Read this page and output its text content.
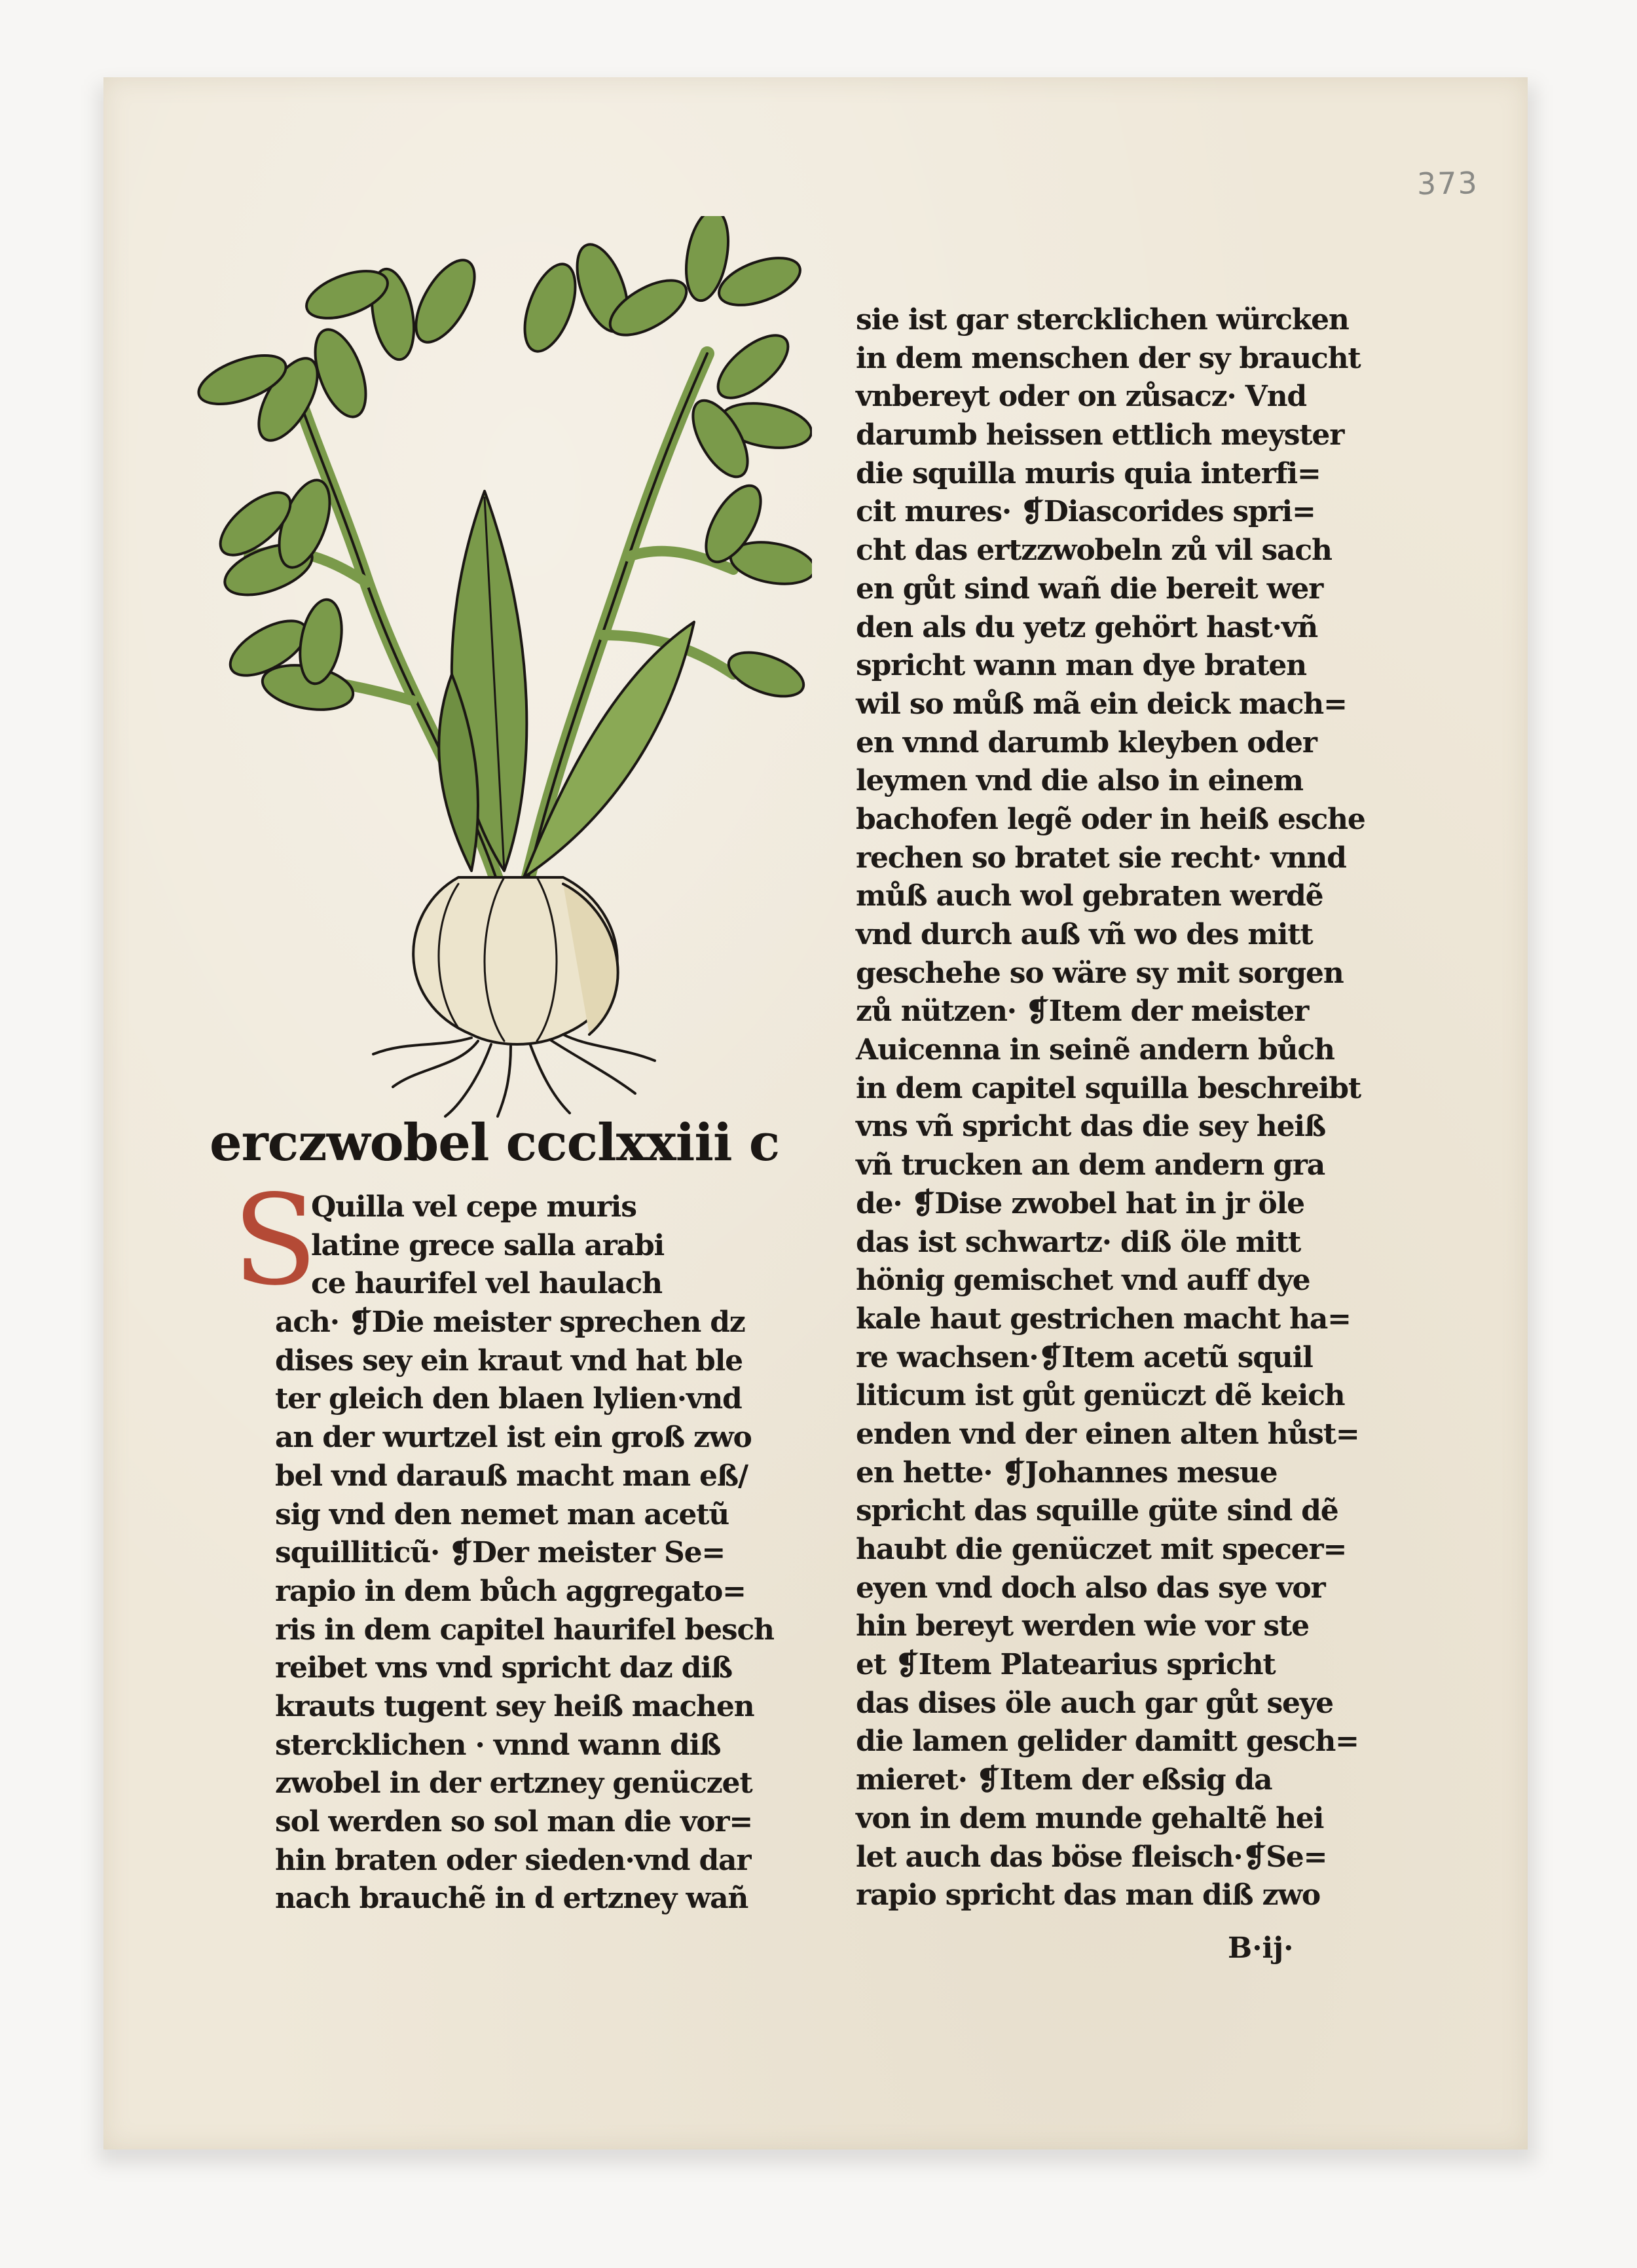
373
erczwobel ccclxxiii c
S
Quilla vel cepe muris
latine grece salla arabi
ce haurifel vel haulach
ach· ❡Die meister sprechen dz
dises sey ein kraut vnd hat ble
ter gleich den blaen lylien·vnd
an der wurtzel ist ein groß zwo
bel vnd darauß macht man eß/
sig vnd den nemet man acetũ
squilliticũ· ❡Der meister Se=
rapio in dem bůch aggregato=
ris in dem capitel haurifel besch
reibet vns vnd spricht daz diß
krauts tugent sey heiß machen
stercklichen · vnnd wann diß
zwobel in der ertzney genüczet
sol werden so sol man die vor=
hin braten oder sieden·vnd dar
nach brauchẽ in d ertzney wañ
sie ist gar stercklichen würcken
in dem menschen der sy braucht
vnbereyt oder on zůsacz· Vnd
darumb heissen ettlich meyster
die squilla muris quia interfi=
cit mures· ❡Diascorides spri=
cht das ertzzwobeln zů vil sach
en gůt sind wañ die bereit wer
den als du yetz gehört hast·vñ
spricht wann man dye braten
wil so můß mã ein deick mach=
en vnnd darumb kleyben oder
leymen vnd die also in einem
bachofen legẽ oder in heiß esche
rechen so bratet sie recht· vnnd
můß auch wol gebraten werdẽ
vnd durch auß vñ wo des mitt
geschehe so wäre sy mit sorgen
zů nützen· ❡Item der meister
Auicenna in seinẽ andern bůch
in dem capitel squilla beschreibt
vns vñ spricht das die sey heiß
vñ trucken an dem andern gra
de· ❡Dise zwobel hat in jr öle
das ist schwartz· diß öle mitt
hönig gemischet vnd auff dye
kale haut gestrichen macht ha=
re wachsen·❡Item acetũ squil
liticum ist gůt genüczt dẽ keich
enden vnd der einen alten hůst=
en hette· ❡Johannes mesue
spricht das squille güte sind dẽ
haubt die genüczet mit specer=
eyen vnd doch also das sye vor
hin bereyt werden wie vor ste
et ❡Item Platearius spricht
das dises öle auch gar gůt seye
die lamen gelider damitt gesch=
mieret· ❡Item der eßsig da
von in dem munde gehaltẽ hei
let auch das böse fleisch·❡Se=
rapio spricht das man diß zwo
B·ij·
